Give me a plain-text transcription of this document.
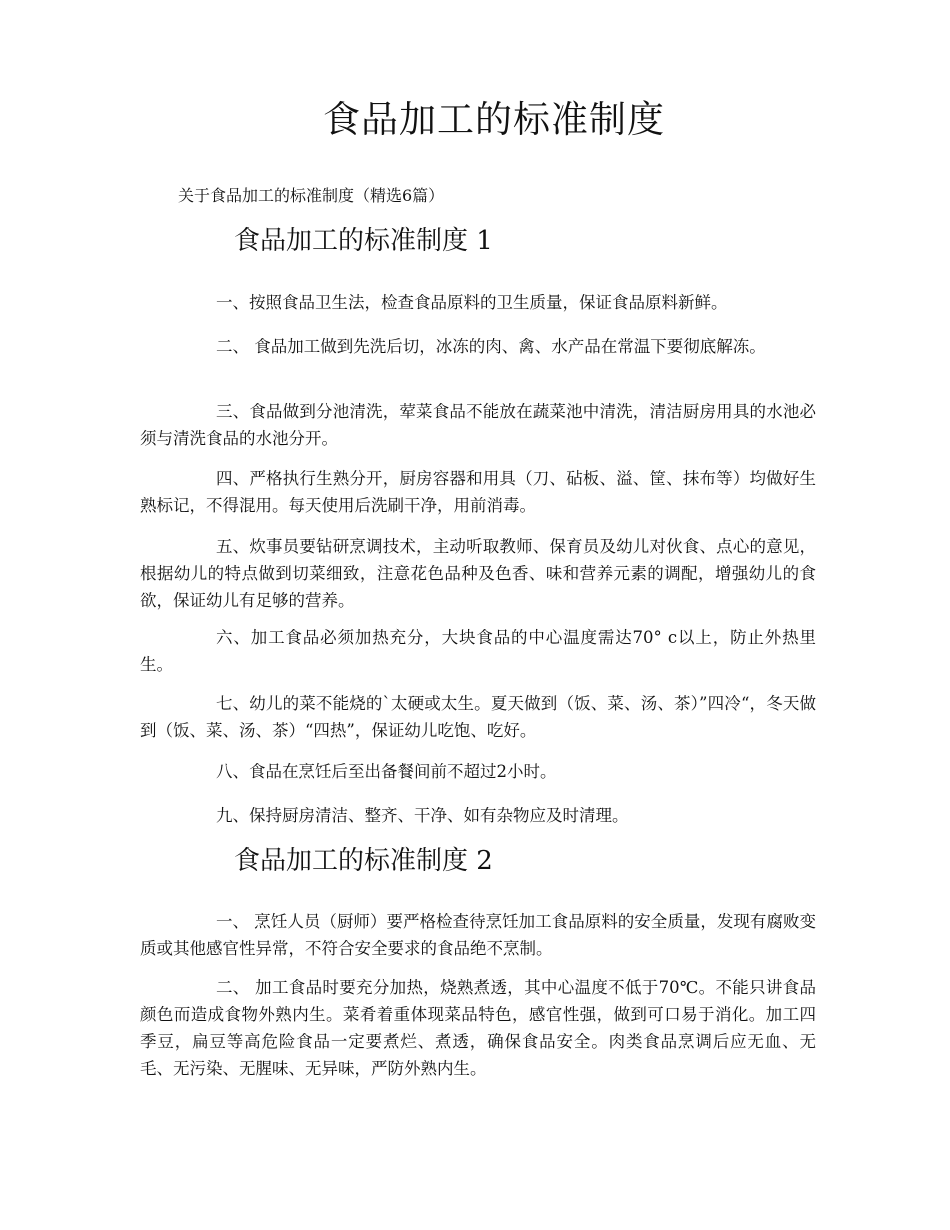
食品加工的标准制度

关于食品加工的标准制度（精选6篇）

食品加工的标准制度 1

一、按照食品卫生法，检查食品原料的卫生质量，保证食品原料新鲜。

二、 食品加工做到先洗后切，冰冻的肉、禽、水产品在常温下要彻底解冻。

三、食品做到分池清洗，荤菜食品不能放在蔬菜池中清洗，清洁厨房用具的水池必须与清洗食品的水池分开。

四、严格执行生熟分开，厨房容器和用具（刀、砧板、溢、筐、抹布等）均做好生熟标记，不得混用。每天使用后洗刷干净，用前消毒。

五、炊事员要钻研烹调技术，主动听取教师、保育员及幼儿对伙食、点心的意见，根据幼儿的特点做到切菜细致，注意花色品种及色香、味和营养元素的调配，增强幼儿的食欲，保证幼儿有足够的营养。

六、加工食品必须加热充分，大块食品的中心温度需达70° c以上，防止外热里生。

七、幼儿的菜不能烧的`太硬或太生。夏天做到（饭、菜、汤、茶）”四冷“，冬天做到（饭、菜、汤、茶）“四热”，保证幼儿吃饱、吃好。

八、食品在烹饪后至出备餐间前不超过2小时。

九、保持厨房清洁、整齐、干净、如有杂物应及时清理。

食品加工的标准制度 2

一、 烹饪人员（厨师）要严格检查待烹饪加工食品原料的安全质量，发现有腐败变质或其他感官性异常，不符合安全要求的食品绝不烹制。

二、 加工食品时要充分加热，烧熟煮透，其中心温度不低于70℃。不能只讲食品颜色而造成食物外熟内生。菜肴着重体现菜品特色，感官性强，做到可口易于消化。加工四季豆，扁豆等高危险食品一定要煮烂、煮透，确保食品安全。肉类食品烹调后应无血、无毛、无污染、无腥味、无异味，严防外熟内生。
